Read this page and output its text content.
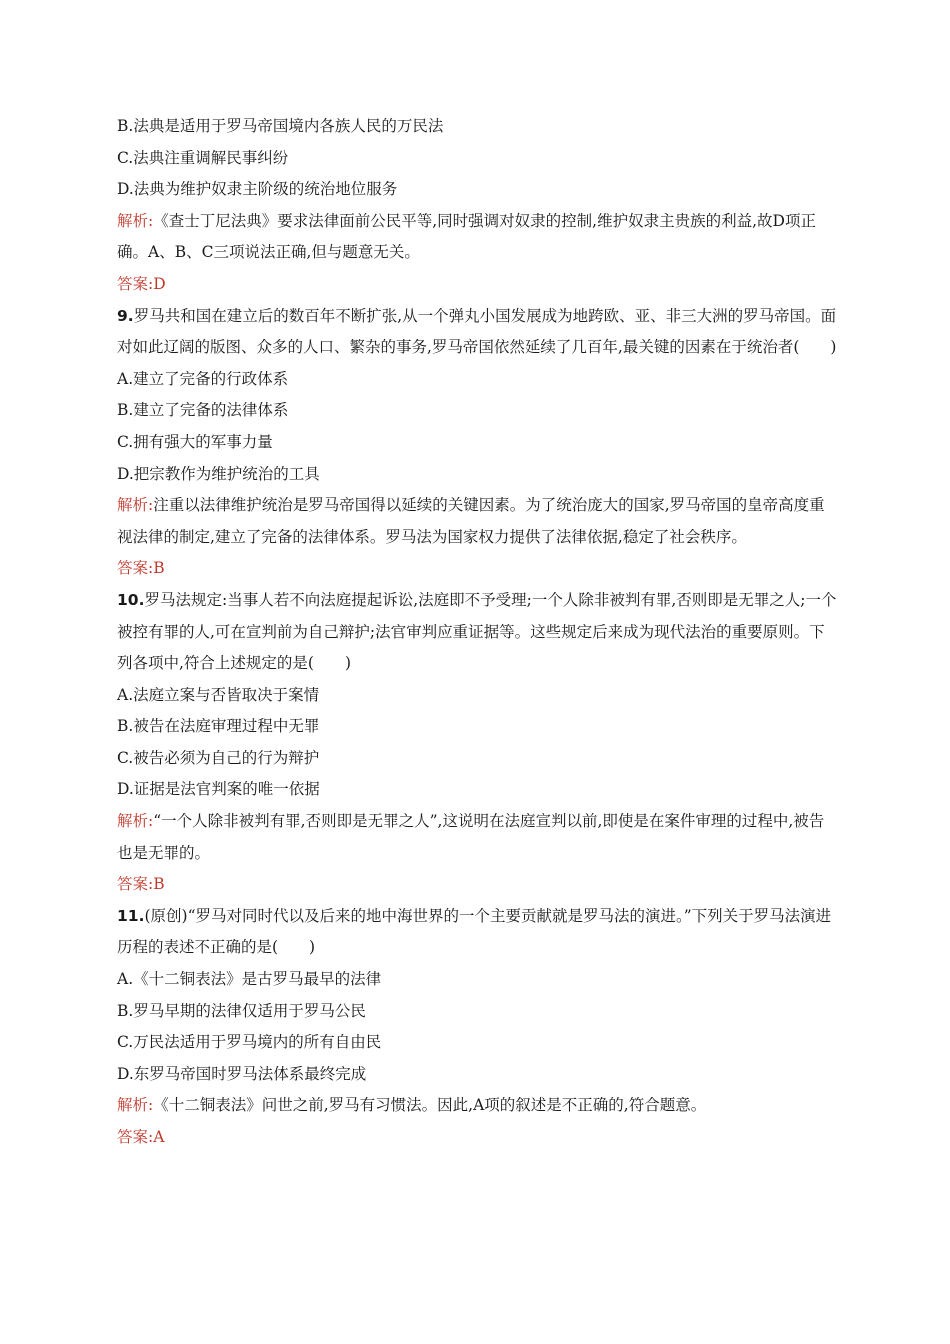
B.法典是适用于罗马帝国境内各族人民的万民法
C.法典注重调解民事纠纷
D.法典为维护奴隶主阶级的统治地位服务
解析:《查士丁尼法典》要求法律面前公民平等,同时强调对奴隶的控制,维护奴隶主贵族的利益,故D项正确。A、B、C三项说法正确,但与题意无关。
答案:D
9.罗马共和国在建立后的数百年不断扩张,从一个弹丸小国发展成为地跨欧、亚、非三大洲的罗马帝国。面对如此辽阔的版图、众多的人口、繁杂的事务,罗马帝国依然延续了几百年,最关键的因素在于统治者(　　)
A.建立了完备的行政体系
B.建立了完备的法律体系
C.拥有强大的军事力量
D.把宗教作为维护统治的工具
解析:注重以法律维护统治是罗马帝国得以延续的关键因素。为了统治庞大的国家,罗马帝国的皇帝高度重视法律的制定,建立了完备的法律体系。罗马法为国家权力提供了法律依据,稳定了社会秩序。
答案:B
10.罗马法规定:当事人若不向法庭提起诉讼,法庭即不予受理;一个人除非被判有罪,否则即是无罪之人;一个被控有罪的人,可在宣判前为自己辩护;法官审判应重证据等。这些规定后来成为现代法治的重要原则。下列各项中,符合上述规定的是(　　)
A.法庭立案与否皆取决于案情
B.被告在法庭审理过程中无罪
C.被告必须为自己的行为辩护
D.证据是法官判案的唯一依据
解析:“一个人除非被判有罪,否则即是无罪之人”,这说明在法庭宣判以前,即使是在案件审理的过程中,被告也是无罪的。
答案:B
11.(原创)“罗马对同时代以及后来的地中海世界的一个主要贡献就是罗马法的演进。”下列关于罗马法演进历程的表述不正确的是(　　)
A.《十二铜表法》是古罗马最早的法律
B.罗马早期的法律仅适用于罗马公民
C.万民法适用于罗马境内的所有自由民
D.东罗马帝国时罗马法体系最终完成
解析:《十二铜表法》问世之前,罗马有习惯法。因此,A项的叙述是不正确的,符合题意。
答案:A
